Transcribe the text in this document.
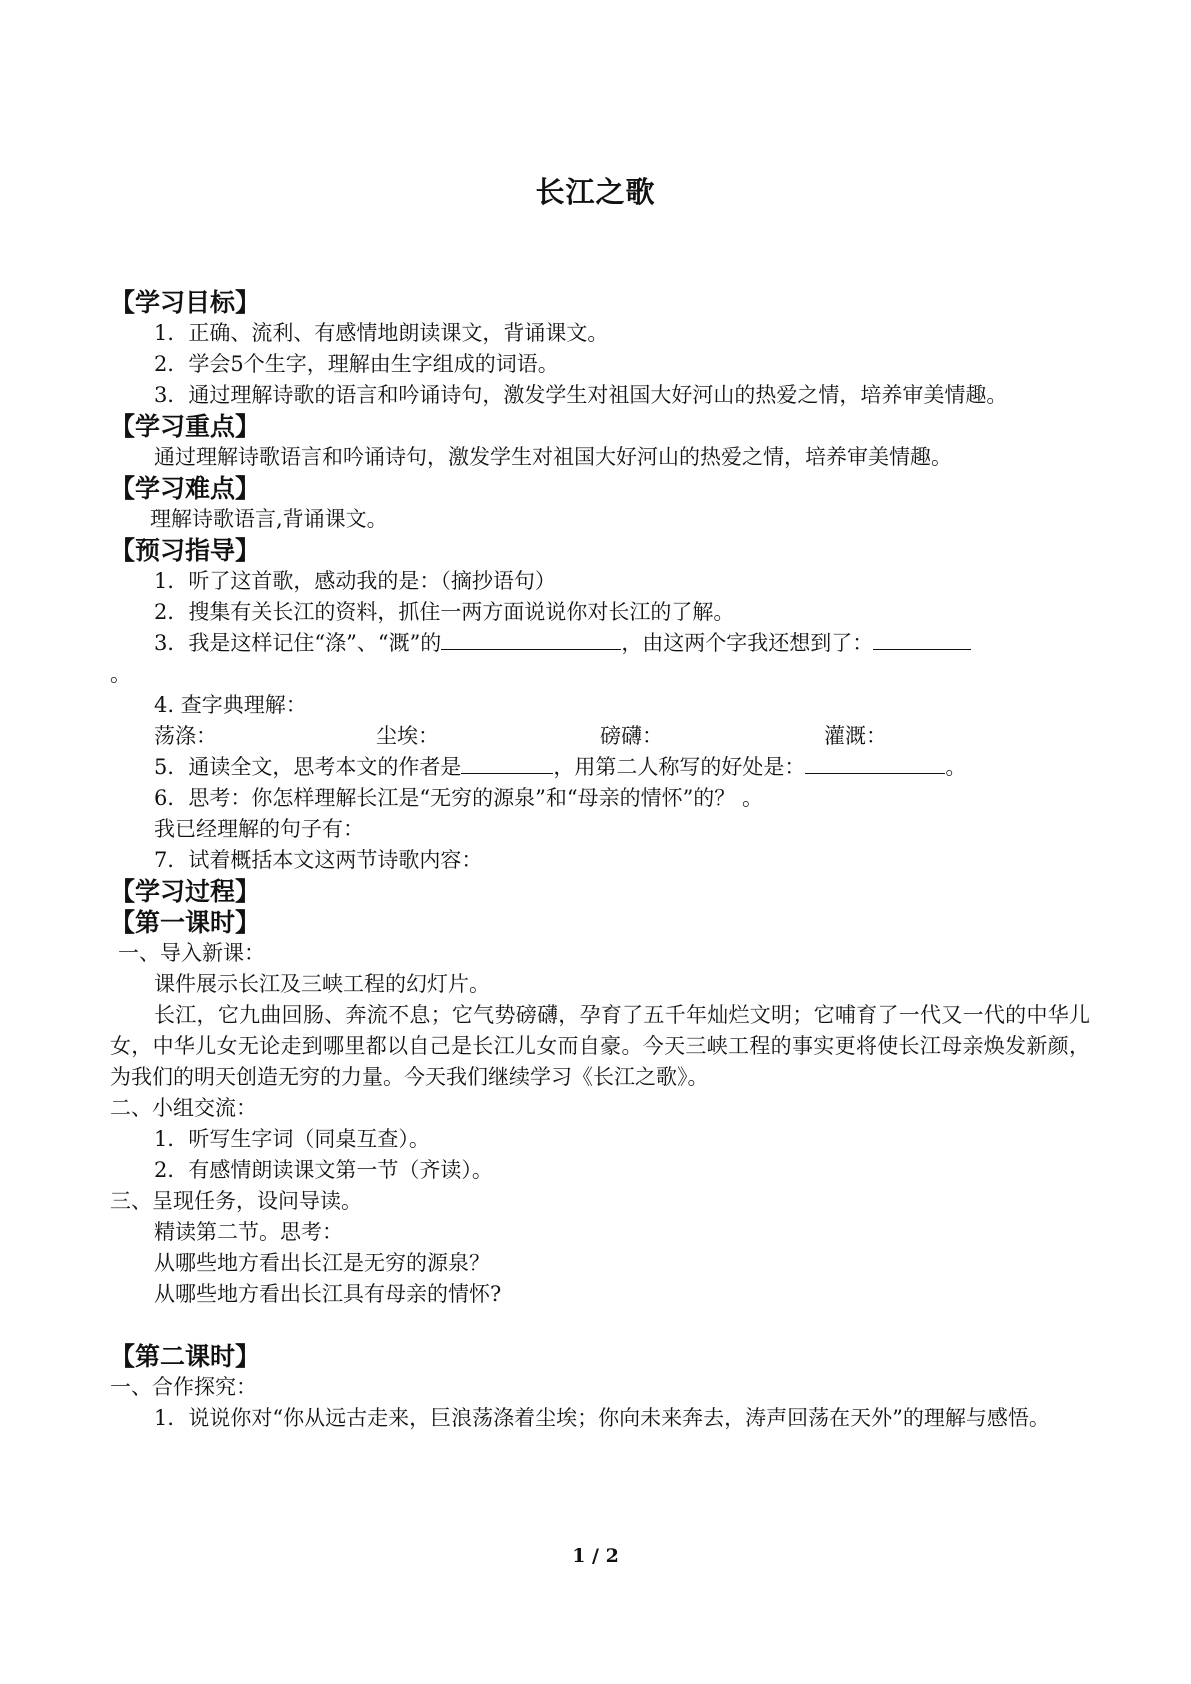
长江之歌
【学习目标】

1．正确、流利、有感情地朗读课文，背诵课文。

2．学会5个生字，理解由生字组成的词语。

3．通过理解诗歌的语言和吟诵诗句，激发学生对祖国大好河山的热爱之情，培养审美情趣。

【学习重点】

通过理解诗歌语言和吟诵诗句，激发学生对祖国大好河山的热爱之情，培养审美情趣。

【学习难点】

理解诗歌语言,背诵课文。

【预习指导】

1．听了这首歌，感动我的是：（摘抄语句）

2．搜集有关长江的资料，抓住一两方面说说你对长江的了解。

3．我是这样记住“涤”、“溉”的	，由这两个字我还想到了：

。

4. 查字典理解：

荡涤：	尘埃：	磅礴：	灌溉：

5．通读全文，思考本文的作者是	，用第二人称写的好处是：	。

6．思考：你怎样理解长江是“无穷的源泉”和“母亲的情怀”的？ 。

我已经理解的句子有：

7．试着概括本文这两节诗歌内容：

【学习过程】
【第一课时】

一、导入新课：

课件展示长江及三峡工程的幻灯片。

长江，它九曲回肠、奔流不息；它气势磅礴，孕育了五千年灿烂文明；它哺育了一代又一代的中华儿女，中华儿女无论走到哪里都以自己是长江儿女而自豪。今天三峡工程的事实更将使长江母亲焕发新颜，为我们的明天创造无穷的力量。今天我们继续学习《长江之歌》。

二、小组交流：

1．听写生字词（同桌互查）。

2．有感情朗读课文第一节（齐读）。

三、呈现任务，设问导读。

精读第二节。思考：

从哪些地方看出长江是无穷的源泉？

从哪些地方看出长江具有母亲的情怀?

【第二课时】

一、合作探究：

1．说说你对“你从远古走来，巨浪荡涤着尘埃；你向未来奔去，涛声回荡在天外”的理解与感悟。

1 / 2
